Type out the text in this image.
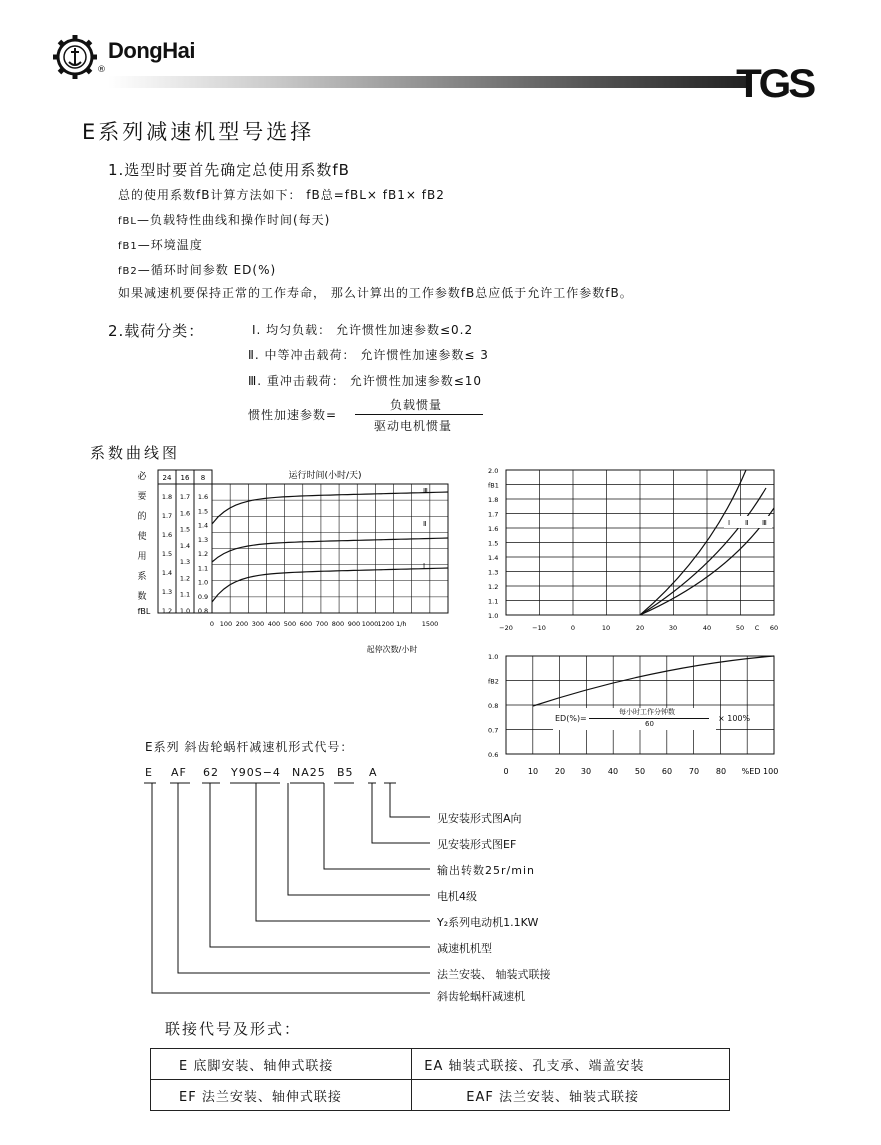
DongHai
®	TGS
E系列减速机型号选择
1.选型时要首先确定总使用系数fB
总的使用系数fB计算方法如下： fB总=fBL× fB1× fB2
fBL—负载特性曲线和操作时间(每天)
fB1—环境温度
fB2—循环时间参数 ED(%)
如果减速机要保持正常的工作寿命， 那么计算出的工作参数fB总应低于允许工作参数fB。
2.载荷分类：	Ⅰ. 均匀负载： 允许惯性加速参数≤0.2
Ⅱ. 中等冲击载荷： 允许惯性加速参数≤ 3
Ⅲ. 重冲击载荷： 允许惯性加速参数≤10
惯性加速参数=
负载惯量
驱动电机惯量
系数曲线图
必
要
的
使
用
系
数
fBL
24 16 8
1.8
1.7
1.6
1.5
1.4
1.3
1.2
1.7
1.6
1.5
1.4
1.3
1.2
1.1
1.0
1.6
1.5
1.4
1.3
1.2
1.1
1.0
0.9
0.8
运行时间(小时/天)
0 100 200 300 400 500 600 700 800 900 1000 1200 1/h 1500
起停次数/小时
Ⅲ
Ⅱ
Ⅰ
2.0
fB1
1.8
1.7
1.6
1.5
1.4
1.3
1.2
1.1
1.0
−20	−10	0	10	20	30	40	50 C 60
Ⅰ Ⅱ Ⅲ
1.0
fB2
0.8
0.7
0.6
0 10 20 30 40 50 60 70 80 %ED 100
ED(%)=
每小时工作分钟数
60
× 100%
E系列 斜齿轮蜗杆减速机形式代号：
E AF 62 Y90S−4 NA25 B5 A
见安装形式图A向
见安装形式图EF
输出转数25r/min
电机4级
Y₂系列电动机1.1KW
减速机机型
法兰安装、 轴装式联接
斜齿轮蜗杆减速机
联接代号及形式：
E 底脚安装、轴伸式联接	EA 轴装式联接、孔支承、端盖安装
EF 法兰安装、轴伸式联接	EAF 法兰安装、轴装式联接
